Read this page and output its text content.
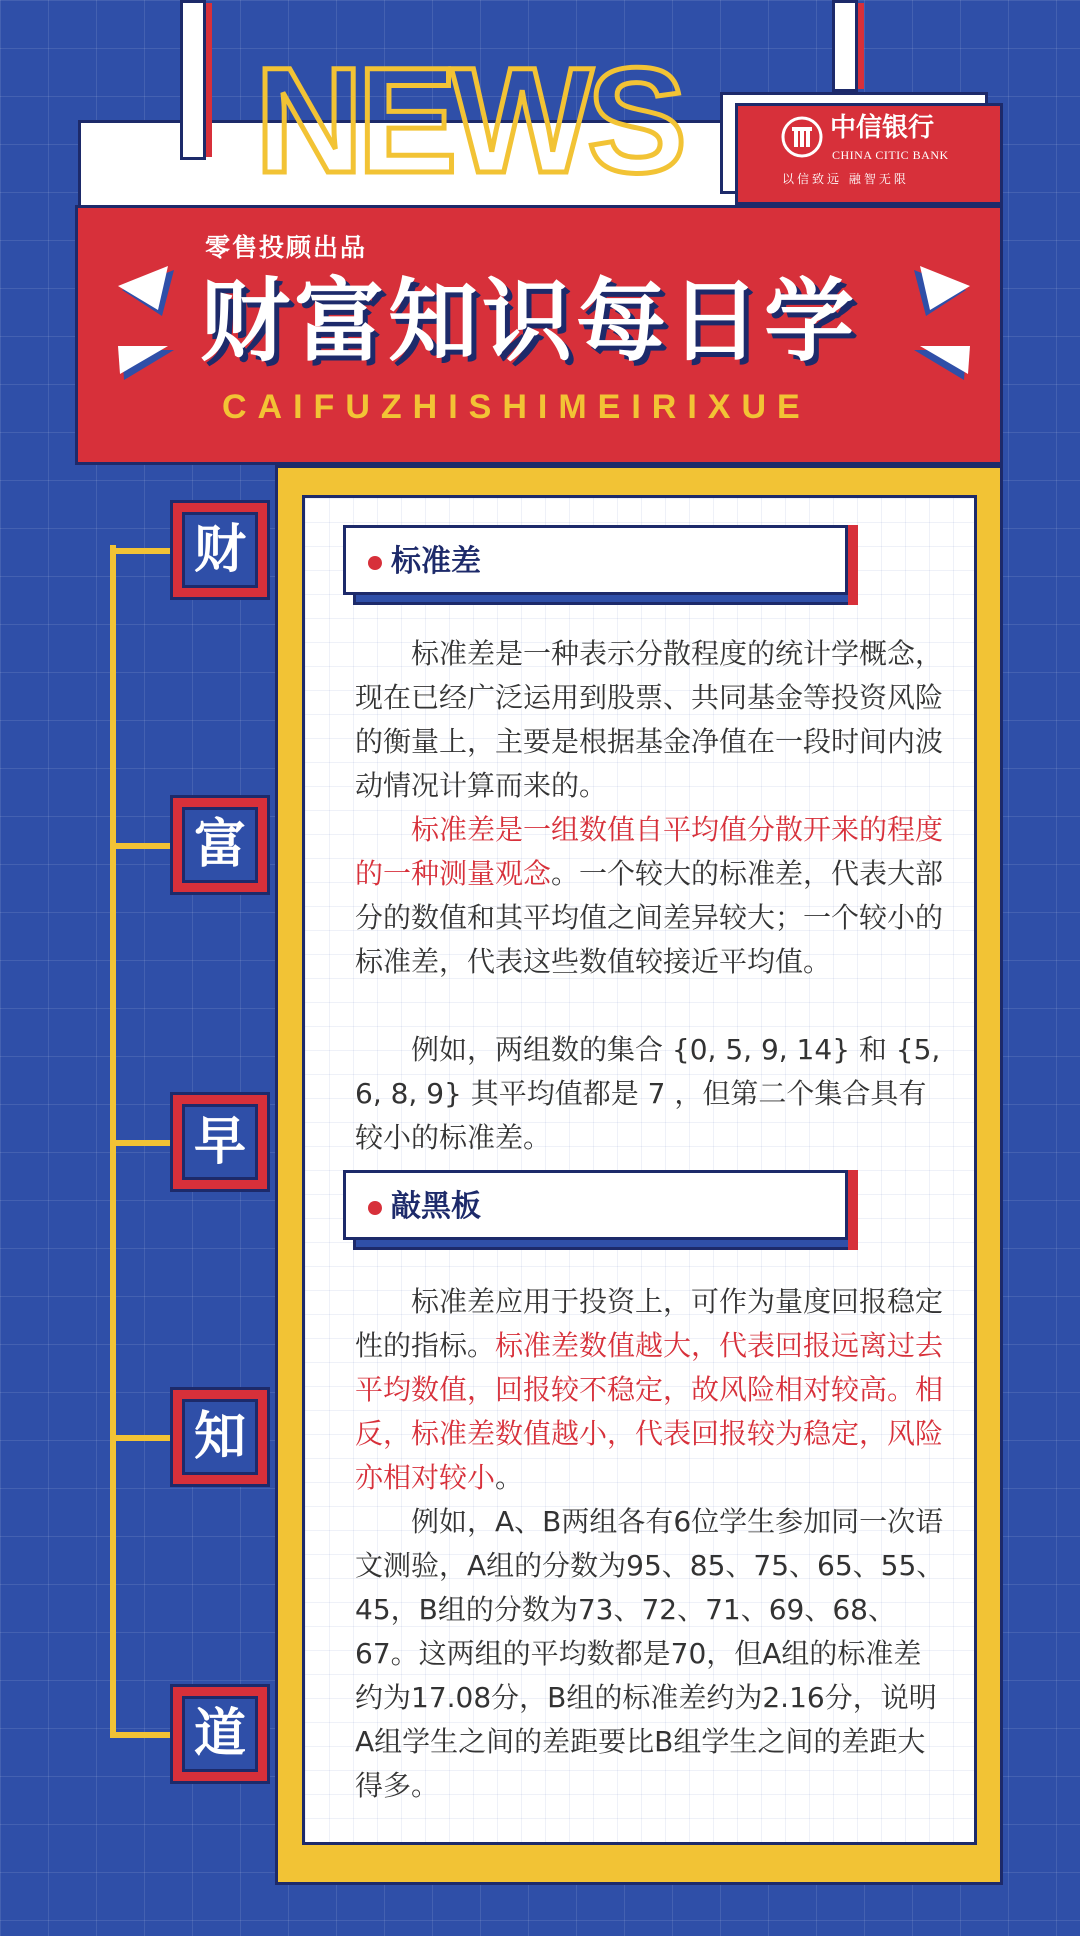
NEWS	中信银行
CHINA CITIC BANK
以信致远 融智无限
零售投顾出品
财富知识每日学
CAIFUZHISHIMEIRIXUE
标准差
标准差是一种表示分散程度的统计学概念，现在已经广泛运用到股票、共同基金等投资风险的衡量上，主要是根据基金净值在一段时间内波动情况计算而来的。
标准差是一组数值自平均值分散开来的程度的一种测量观念。一个较大的标准差，代表大部分的数值和其平均值之间差异较大；一个较小的标准差，代表这些数值较接近平均值。
例如，两组数的集合 {0, 5, 9, 14} 和 {5, 6, 8, 9} 其平均值都是 7 ，但第二个集合具有较小的标准差。
敲黑板
标准差应用于投资上，可作为量度回报稳定性的指标。标准差数值越大，代表回报远离过去平均数值，回报较不稳定，故风险相对较高。相反，标准差数值越小，代表回报较为稳定，风险亦相对较小。
例如，A、B两组各有6位学生参加同一次语文测验，A组的分数为95、85、75、65、55、45，B组的分数为73、72、71、69、68、67。这两组的平均数都是70，但A组的标准差约为17.08分，B组的标准差约为2.16分，说明A组学生之间的差距要比B组学生之间的差距大得多。
财
富
早
知
道
